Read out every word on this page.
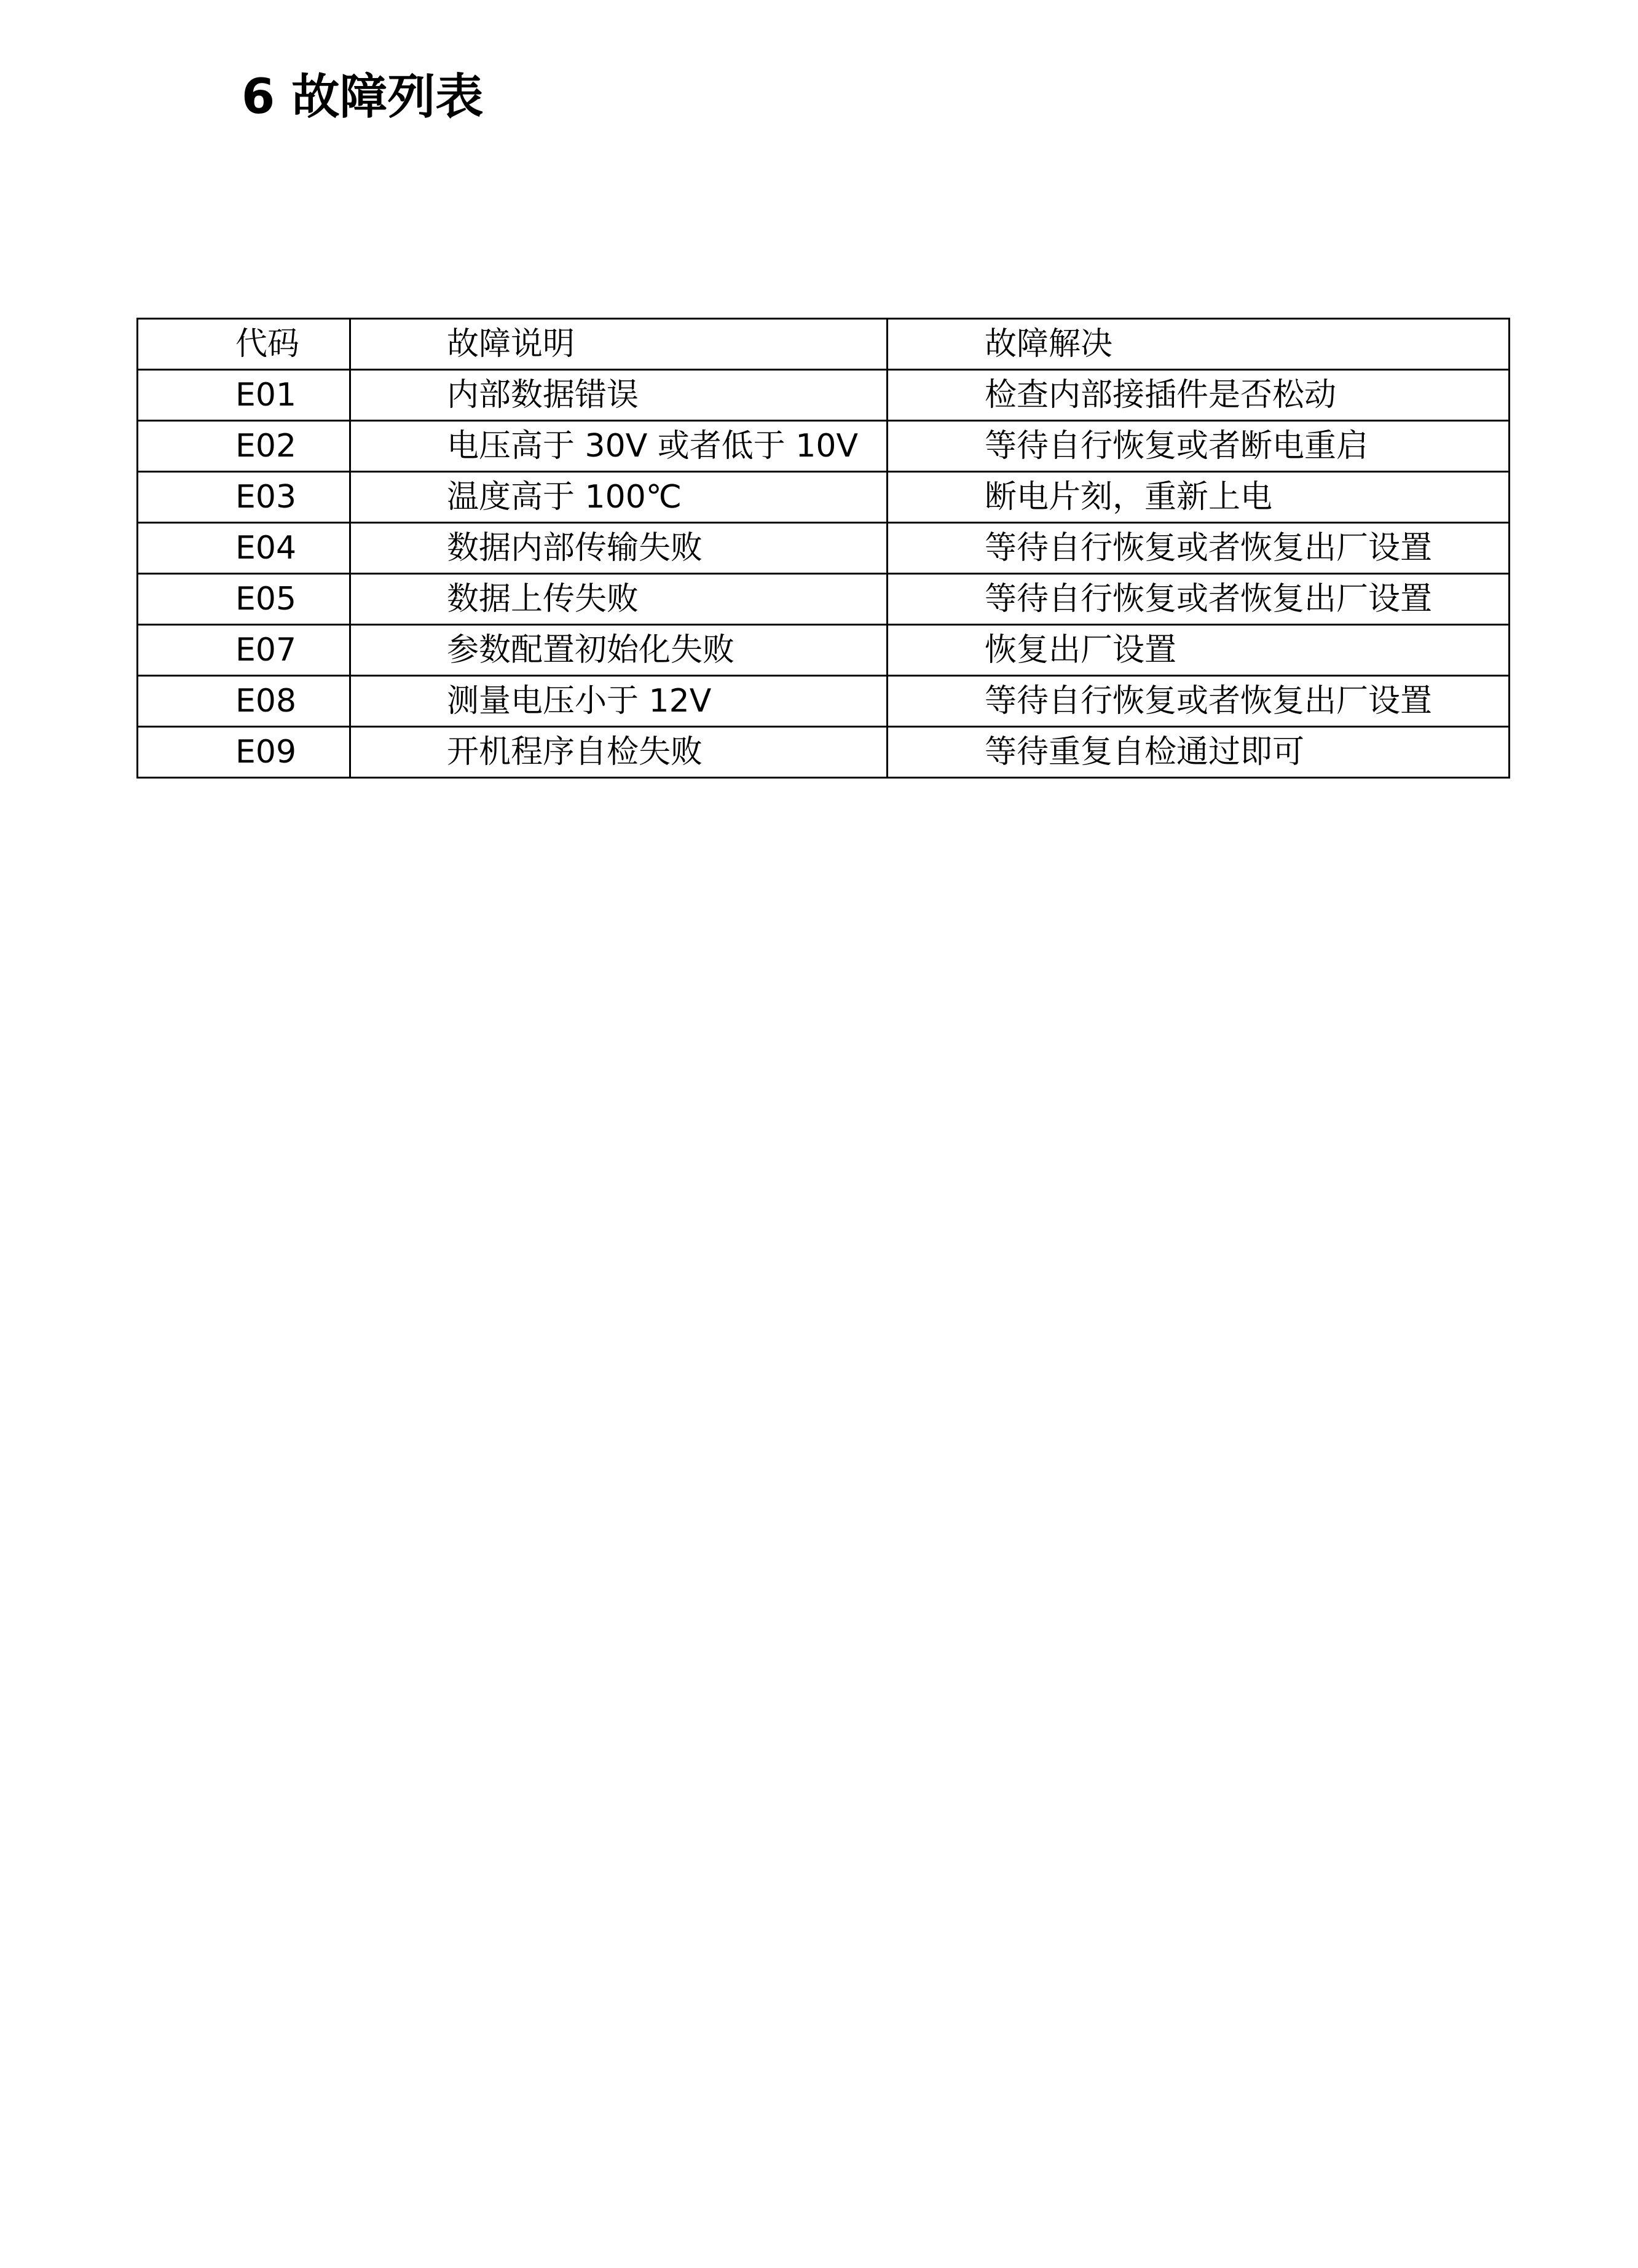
6 故障列表
代码	故障说明	故障解决
E01	内部数据错误	检查内部接插件是否松动
E02	电压高于 30V 或者低于 10V	等待自行恢复或者断电重启
E03	温度高于 100℃	断电片刻，重新上电
E04	数据内部传输失败	等待自行恢复或者恢复出厂设置
E05	数据上传失败	等待自行恢复或者恢复出厂设置
E07	参数配置初始化失败	恢复出厂设置
E08	测量电压小于 12V	等待自行恢复或者恢复出厂设置
E09	开机程序自检失败	等待重复自检通过即可
